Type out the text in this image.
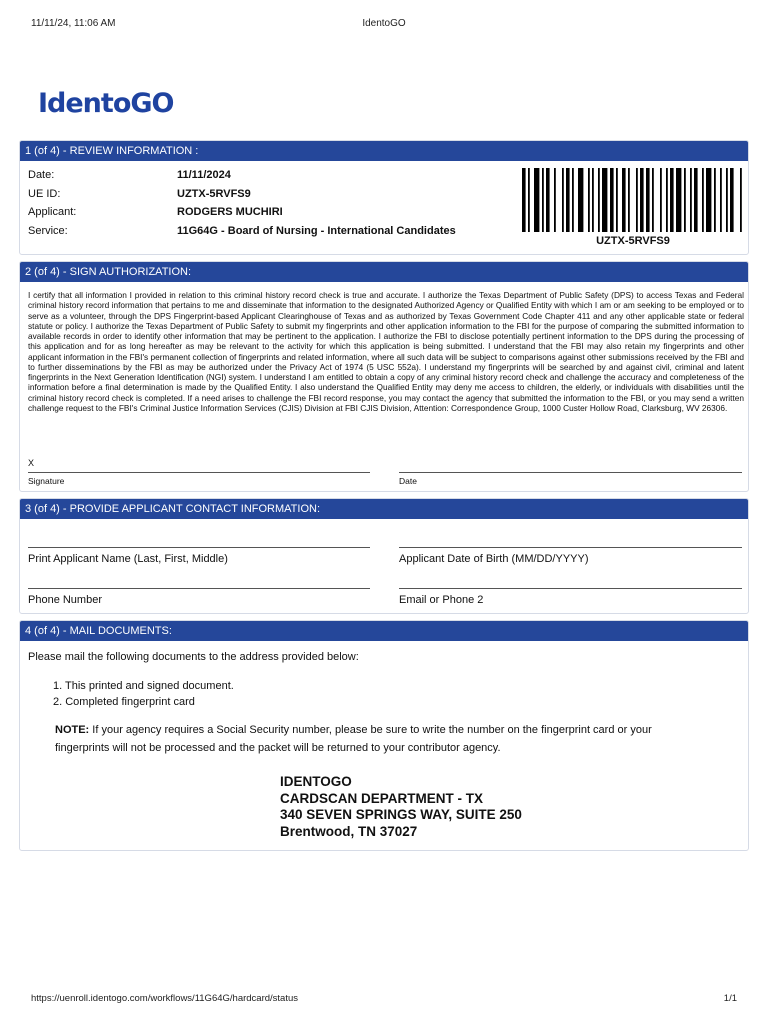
11/11/24, 11:06 AM	IdentoGO
IdentoGO
1 (of 4) - REVIEW INFORMATION :
Date:	11/11/2024
UE ID:	UZTX-5RVFS9
Applicant:	RODGERS MUCHIRI
Service:	11G64G - Board of Nursing - International Candidates
UZTX-5RVFS9
2 (of 4) - SIGN AUTHORIZATION:
I certify that all information I provided in relation to this criminal history record check is true and accurate. I authorize the Texas Department of Public Safety (DPS) to access Texas and Federal criminal history record information that pertains to me and disseminate that information to the designated Authorized Agency or Qualified Entity with which I am or am seeking to be employed or to serve as a volunteer, through the DPS Fingerprint-based Applicant Clearinghouse of Texas and as authorized by Texas Government Code Chapter 411 and any other applicable state or federal statute or policy. I authorize the Texas Department of Public Safety to submit my fingerprints and other application information to the FBI for the purpose of comparing the submitted information to available records in order to identify other information that may be pertinent to the application. I authorize the FBI to disclose potentially pertinent information to the DPS during the processing of this application and for as long hereafter as may be relevant to the activity for which this application is being submitted. I understand that the FBI may also retain my fingerprints and other applicant information in the FBI's permanent collection of fingerprints and related information, where all such data will be subject to comparisons against other submissions received by the FBI and to further disseminations by the FBI as may be authorized under the Privacy Act of 1974 (5 USC 552a). I understand my fingerprints will be searched by and against civil, criminal and latent fingerprints in the Next Generation Identification (NGI) system. I understand I am entitled to obtain a copy of any criminal history record check and challenge the accuracy and completeness of the information before a final determination is made by the Qualified Entity. I also understand the Qualified Entity may deny me access to children, the elderly, or individuals with disabilities until the criminal history record check is completed. If a need arises to challenge the FBI record response, you may contact the agency that submitted the information to the FBI, or you may send a written challenge request to the FBI's Criminal Justice Information Services (CJIS) Division at FBI CJIS Division, Attention: Correspondence Group, 1000 Custer Hollow Road, Clarksburg, WV 26306.
X
Signature	Date
3 (of 4) - PROVIDE APPLICANT CONTACT INFORMATION:
Print Applicant Name (Last, First, Middle)	Applicant Date of Birth (MM/DD/YYYY)
Phone Number	Email or Phone 2
4 (of 4) - MAIL DOCUMENTS:
Please mail the following documents to the address provided below:
1. This printed and signed document.
2. Completed fingerprint card
NOTE: If your agency requires a Social Security number, please be sure to write the number on the fingerprint card or your fingerprints will not be processed and the packet will be returned to your contributor agency.
IDENTOGO
CARDSCAN DEPARTMENT - TX
340 SEVEN SPRINGS WAY, SUITE 250
Brentwood, TN 37027
https://uenroll.identogo.com/workflows/11G64G/hardcard/status	1/1
